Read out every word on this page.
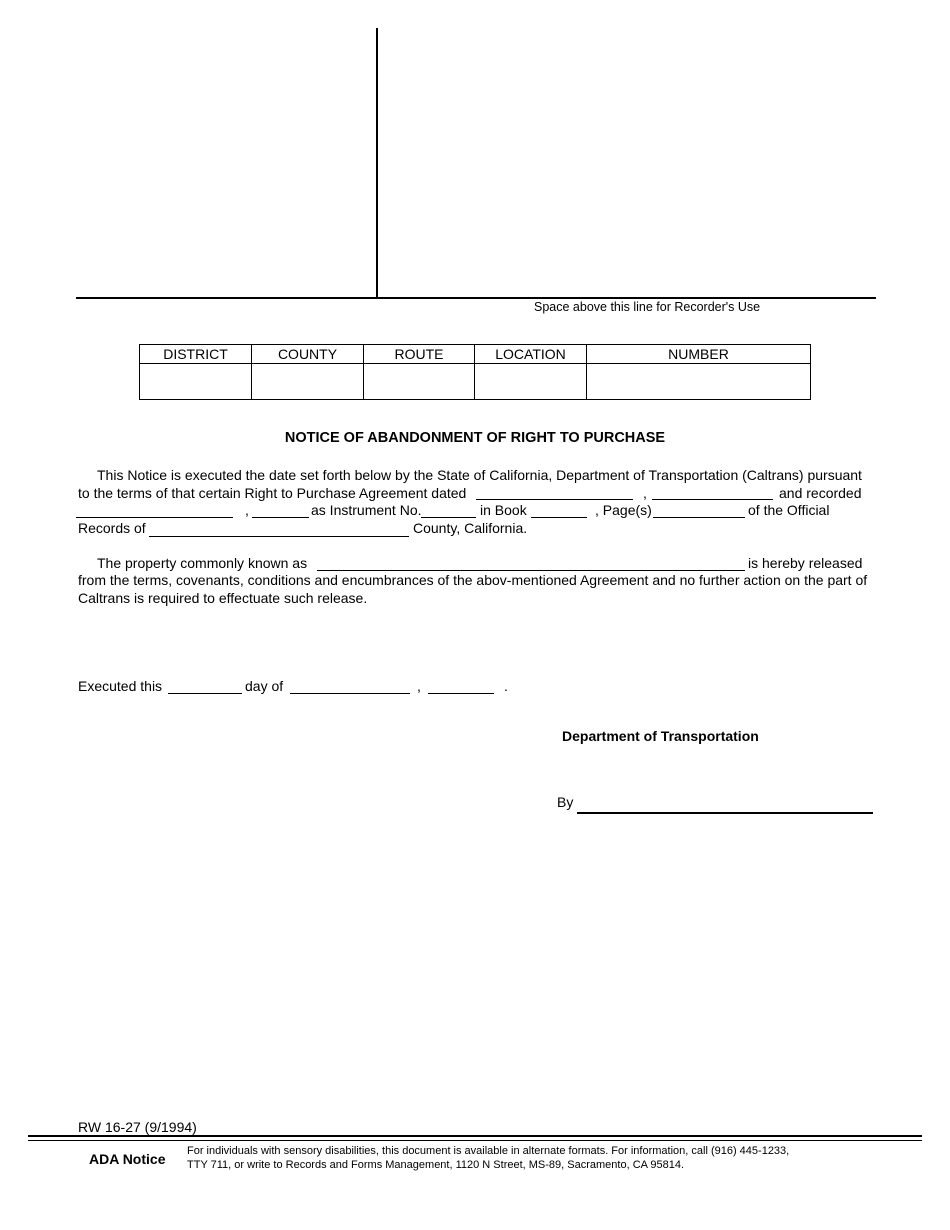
Space above this line for Recorder's Use
DISTRICT	COUNTY	ROUTE	LOCATION	NUMBER

NOTICE OF ABANDONMENT OF RIGHT TO PURCHASE
This Notice is executed the date set forth below by the State of California, Department of Transportation (Caltrans) pursuant
to the terms of that certain Right to Purchase Agreement dated	,	and recorded
,	as Instrument No.	in Book	, Page(s)	of the Official
Records of	County, California.
The property commonly known as	is hereby released
from the terms, covenants, conditions and encumbrances of the abov-mentioned Agreement and no further action on the part of
Caltrans is required to effectuate such release.
Executed this	day of	,	.
Department of Transportation
By
RW 16-27 (9/1994)
ADA Notice For individuals with sensory disabilities, this document is available in alternate formats. For information, call (916) 445-1233,
TTY 711, or write to Records and Forms Management, 1120 N Street, MS-89, Sacramento, CA 95814.
